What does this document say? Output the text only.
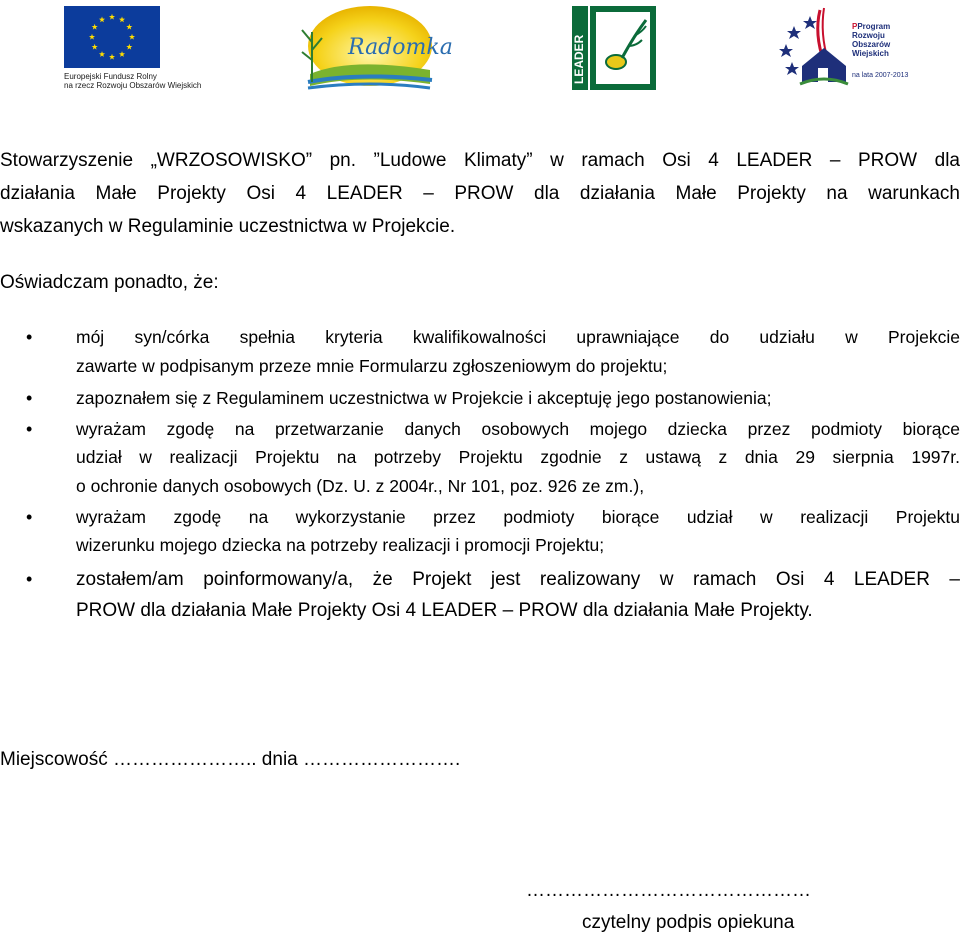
Europejski Fundusz Rolny
na rzecz Rozwoju Obszarów Wiejskich
Radomka	LEADER
PProgram
Rozwoju
Obszarów
Wiejskich
na lata 2007-2013
Stowarzyszenie „WRZOSOWISKO” pn. ”Ludowe Klimaty” w ramach Osi 4 LEADER – PROW dla
działania Małe Projekty Osi 4 LEADER – PROW dla działania Małe Projekty na warunkach
wskazanych w Regulaminie uczestnictwa w Projekcie.
Oświadczam ponadto, że:
• mój syn/córka spełnia kryteria kwalifikowalności uprawniające do udziału w Projekcie
zawarte w podpisanym przeze mnie Formularzu zgłoszeniowym do projektu;
• zapoznałem się z Regulaminem uczestnictwa w Projekcie i akceptuję jego postanowienia;
• wyrażam zgodę na przetwarzanie danych osobowych mojego dziecka przez podmioty biorące
udział w realizacji Projektu na potrzeby Projektu zgodnie z ustawą z dnia 29 sierpnia 1997r.
o ochronie danych osobowych (Dz. U. z 2004r., Nr 101, poz. 926 ze zm.),
• wyrażam zgodę na wykorzystanie przez podmioty biorące udział w realizacji Projektu
wizerunku mojego dziecka na potrzeby realizacji i promocji Projektu;
• zostałem/am poinformowany/a, że Projekt jest realizowany w ramach Osi 4 LEADER –
PROW dla działania Małe Projekty Osi 4 LEADER – PROW dla działania Małe Projekty.
Miejscowość ………………….. dnia …………………….
………………………………………
czytelny podpis opiekuna
